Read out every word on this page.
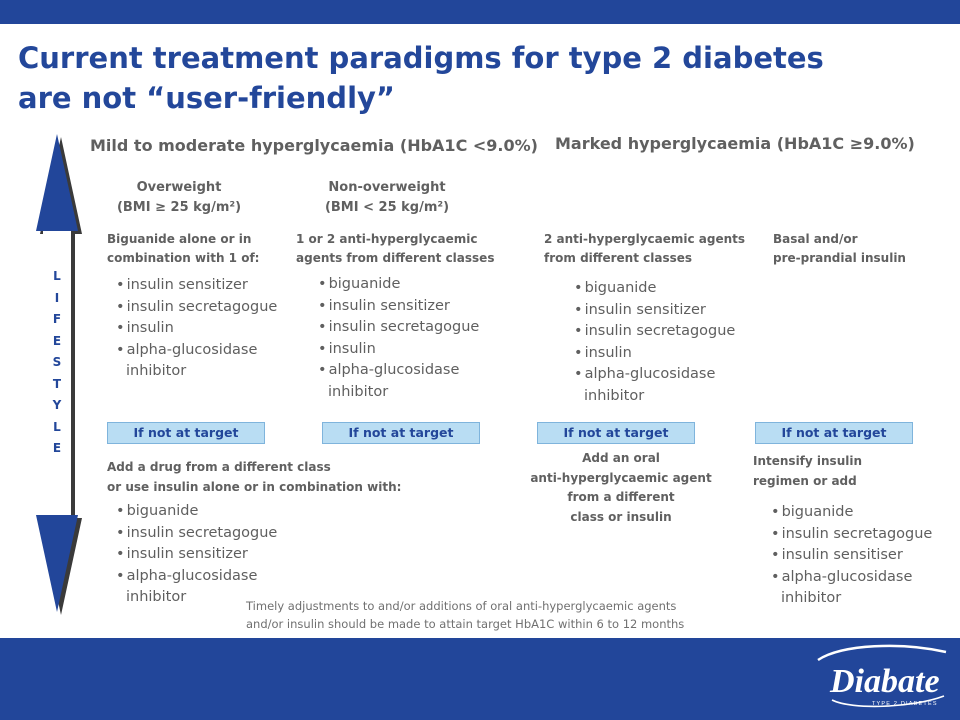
Current treatment paradigms for type 2 diabetes
are not “user-friendly”
L
I
F
E
S
T
Y
L
E
Mild to moderate hyperglycaemia (HbA1C <9.0%) Marked hyperglycaemia (HbA1C ≥9.0%)
Overweight
(BMI ≥ 25 kg/m²)
Non-overweight
(BMI < 25 kg/m²)
Biguanide alone or in
combination with 1 of:
• insulin sensitizer
• insulin secretagogue
• insulin
• alpha-glucosidase
inhibitor
1 or 2 anti-hyperglycaemic
agents from different classes
• biguanide
• insulin sensitizer
• insulin secretagogue
• insulin
• alpha-glucosidase
inhibitor
2 anti-hyperglycaemic agents
from different classes
• biguanide
• insulin sensitizer
• insulin secretagogue
• insulin
• alpha-glucosidase
inhibitor
Basal and/or
pre-prandial insulin
If not at target	If not at target	If not at target	If not at target
Add a drug from a different class
or use insulin alone or in combination with:
• biguanide
• insulin secretagogue
• insulin sensitizer
• alpha-glucosidase
inhibitor
Add an oral
anti-hyperglycaemic agent
from a different
class or insulin
Intensify insulin
regimen or add
• biguanide
• insulin secretagogue
• insulin sensitiser
• alpha-glucosidase
inhibitor
Timely adjustments to and/or additions of oral anti-hyperglycaemic agents
and/or insulin should be made to attain target HbA1C within 6 to 12 months
Diabate
TYPE 2 DIABETES
